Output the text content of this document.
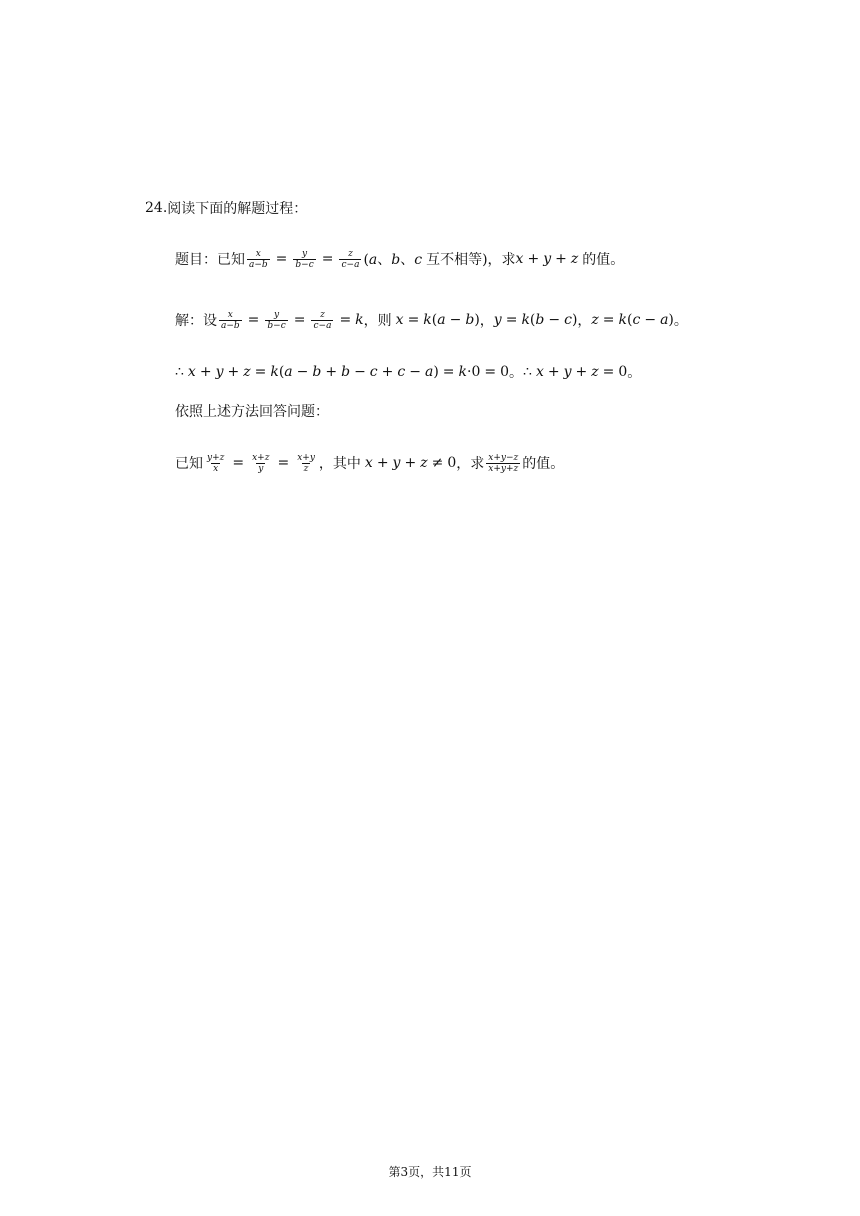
24. 阅读下面的解题过程：
题目：已知 $\frac{x}{a-b} = \frac{y}{b-c} = \frac{z}{c-a} (a$、b、c 互不相等)，求 x + y + z 的值。
解：设 $\frac{x}{a-b} = \frac{y}{b-c} = \frac{z}{c-a} = k$ ，则 x = k(a − b) ， y = k(b − c) ， z = k(c − a) 。
∴ x + y + z = k(a − b + b − c + c − a) = k·0 = 0 。 ∴ x + y + z = 0 。
依照上述方法回答问题：
已知 $\frac{y+z}{x} = \frac{x+z}{y} = \frac{x+y}{z}$ ，其中 x + y + z ≠ 0 ，求 $\frac{x+y-z}{x+y+z}$ 的值。
第3页，共11页
